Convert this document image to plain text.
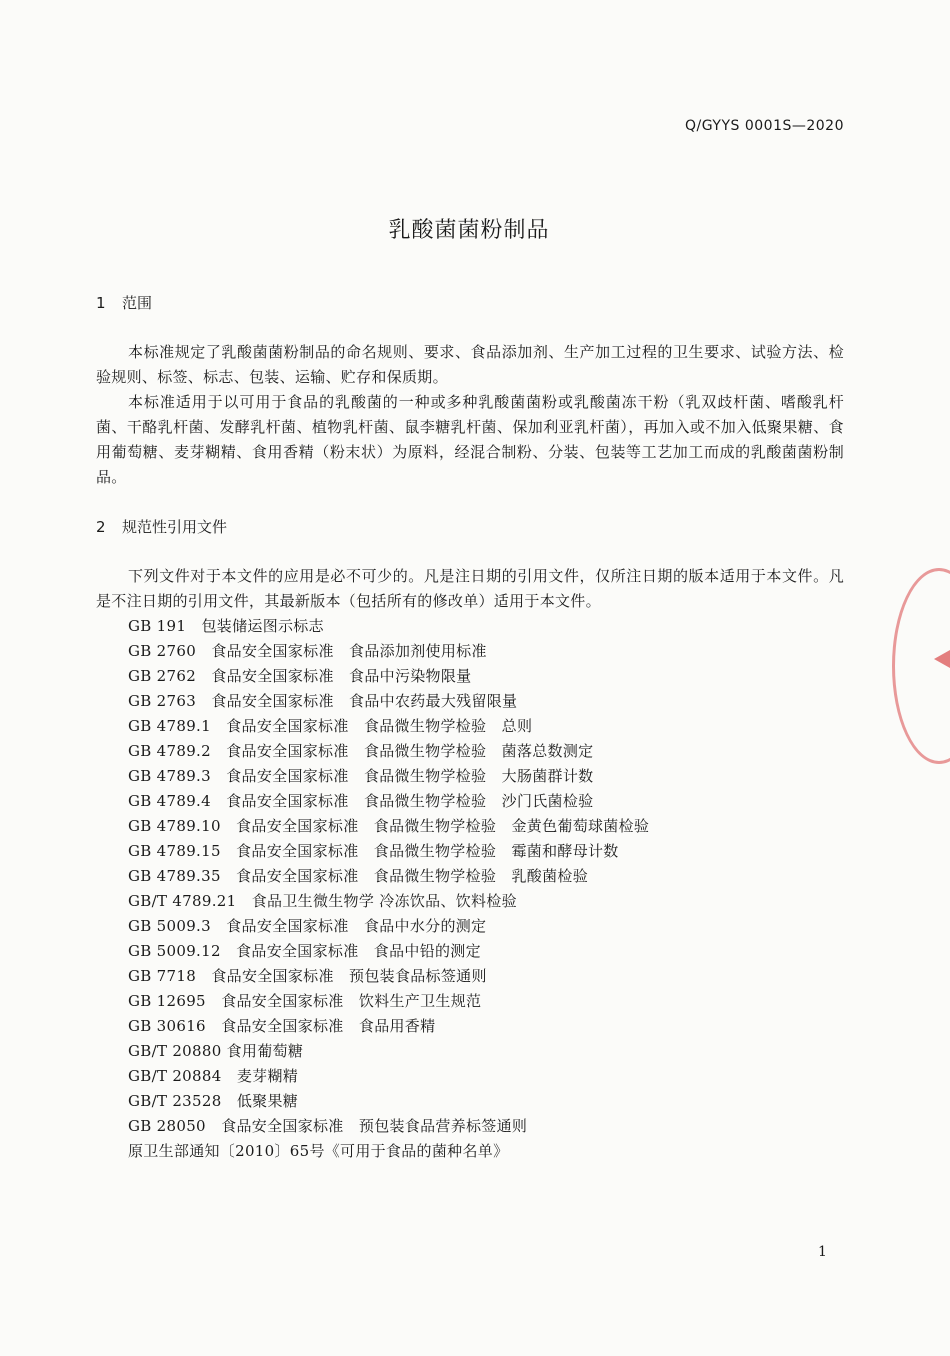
Q/GYYS 0001S—2020
乳酸菌菌粉制品
1 范围

本标准规定了乳酸菌菌粉制品的命名规则、要求、食品添加剂、生产加工过程的卫生要求、试验方法、检验规则、标签、标志、包装、运输、贮存和保质期。

本标准适用于以可用于食品的乳酸菌的一种或多种乳酸菌菌粉或乳酸菌冻干粉（乳双歧杆菌、嗜酸乳杆菌、干酪乳杆菌、发酵乳杆菌、植物乳杆菌、鼠李糖乳杆菌、保加利亚乳杆菌），再加入或不加入低聚果糖、食用葡萄糖、麦芽糊精、食用香精（粉末状）为原料，经混合制粉、分装、包装等工艺加工而成的乳酸菌菌粉制品。

2 规范性引用文件

下列文件对于本文件的应用是必不可少的。凡是注日期的引用文件，仅所注日期的版本适用于本文件。凡是不注日期的引用文件，其最新版本（包括所有的修改单）适用于本文件。

GB 191　包装储运图示标志
GB 2760　食品安全国家标准　食品添加剂使用标准
GB 2762　食品安全国家标准　食品中污染物限量
GB 2763　食品安全国家标准　食品中农药最大残留限量
GB 4789.1　食品安全国家标准　食品微生物学检验　总则
GB 4789.2　食品安全国家标准　食品微生物学检验　菌落总数测定
GB 4789.3　食品安全国家标准　食品微生物学检验　大肠菌群计数
GB 4789.4　食品安全国家标准　食品微生物学检验　沙门氏菌检验
GB 4789.10　食品安全国家标准　食品微生物学检验　金黄色葡萄球菌检验
GB 4789.15　食品安全国家标准　食品微生物学检验　霉菌和酵母计数
GB 4789.35　食品安全国家标准　食品微生物学检验　乳酸菌检验
GB/T 4789.21　食品卫生微生物学 冷冻饮品、饮料检验
GB 5009.3　食品安全国家标准　食品中水分的测定
GB 5009.12　食品安全国家标准　食品中铅的测定
GB 7718　食品安全国家标准　预包装食品标签通则
GB 12695　食品安全国家标准　饮料生产卫生规范
GB 30616　食品安全国家标准　食品用香精
GB/T 20880 食用葡萄糖
GB/T 20884　麦芽糊精
GB/T 23528　低聚果糖
GB 28050　食品安全国家标准　预包装食品营养标签通则
原卫生部通知〔2010〕65号《可用于食品的菌种名单》
1
